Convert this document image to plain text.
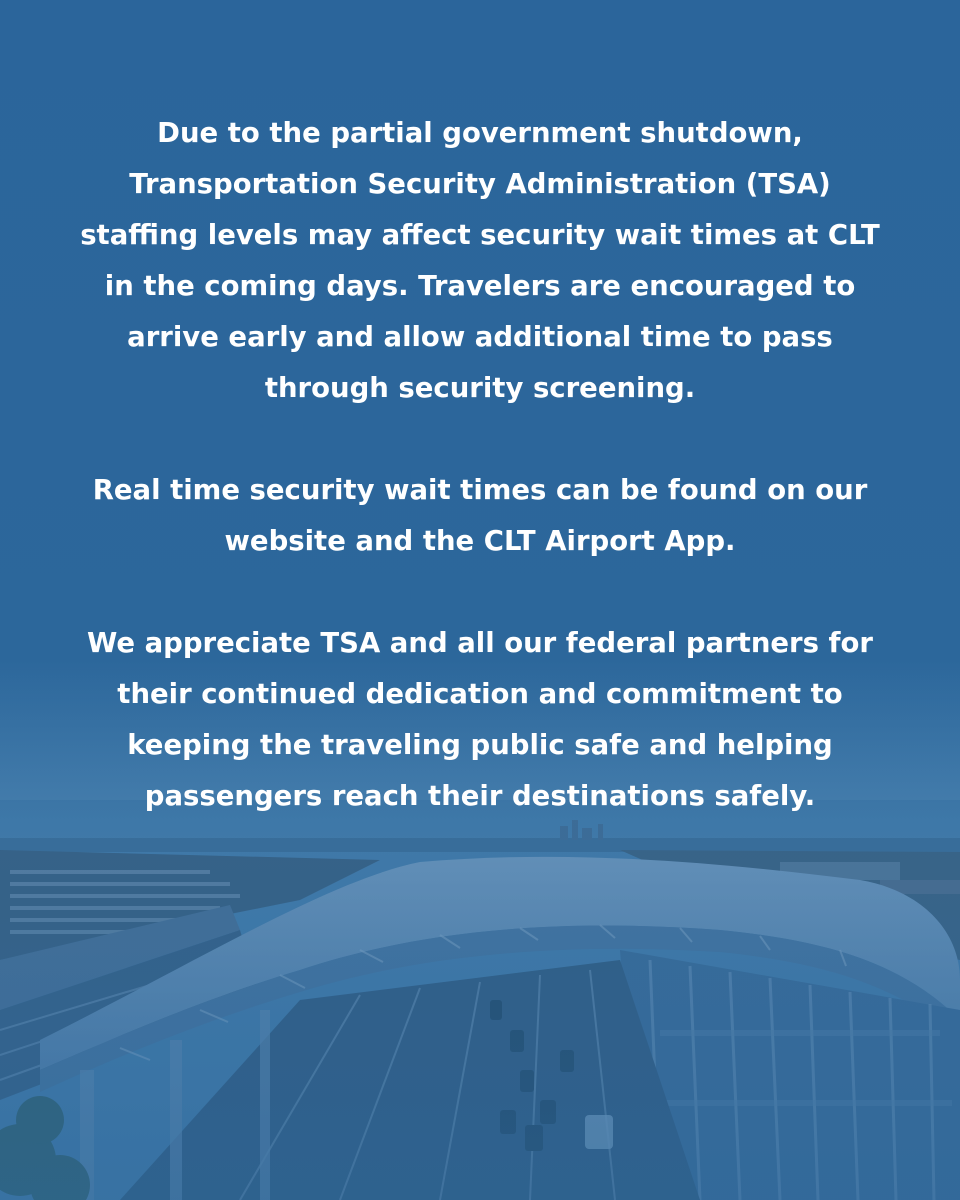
Due to the partial government shutdown,
Transportation Security Administration (TSA)
staffing levels may affect security wait times at CLT
in the coming days. Travelers are encouraged to
arrive early and allow additional time to pass
through security screening.

Real time security wait times can be found on our
website and the CLT Airport App.

We appreciate TSA and all our federal partners for
their continued dedication and commitment to
keeping the traveling public safe and helping
passengers reach their destinations safely.
